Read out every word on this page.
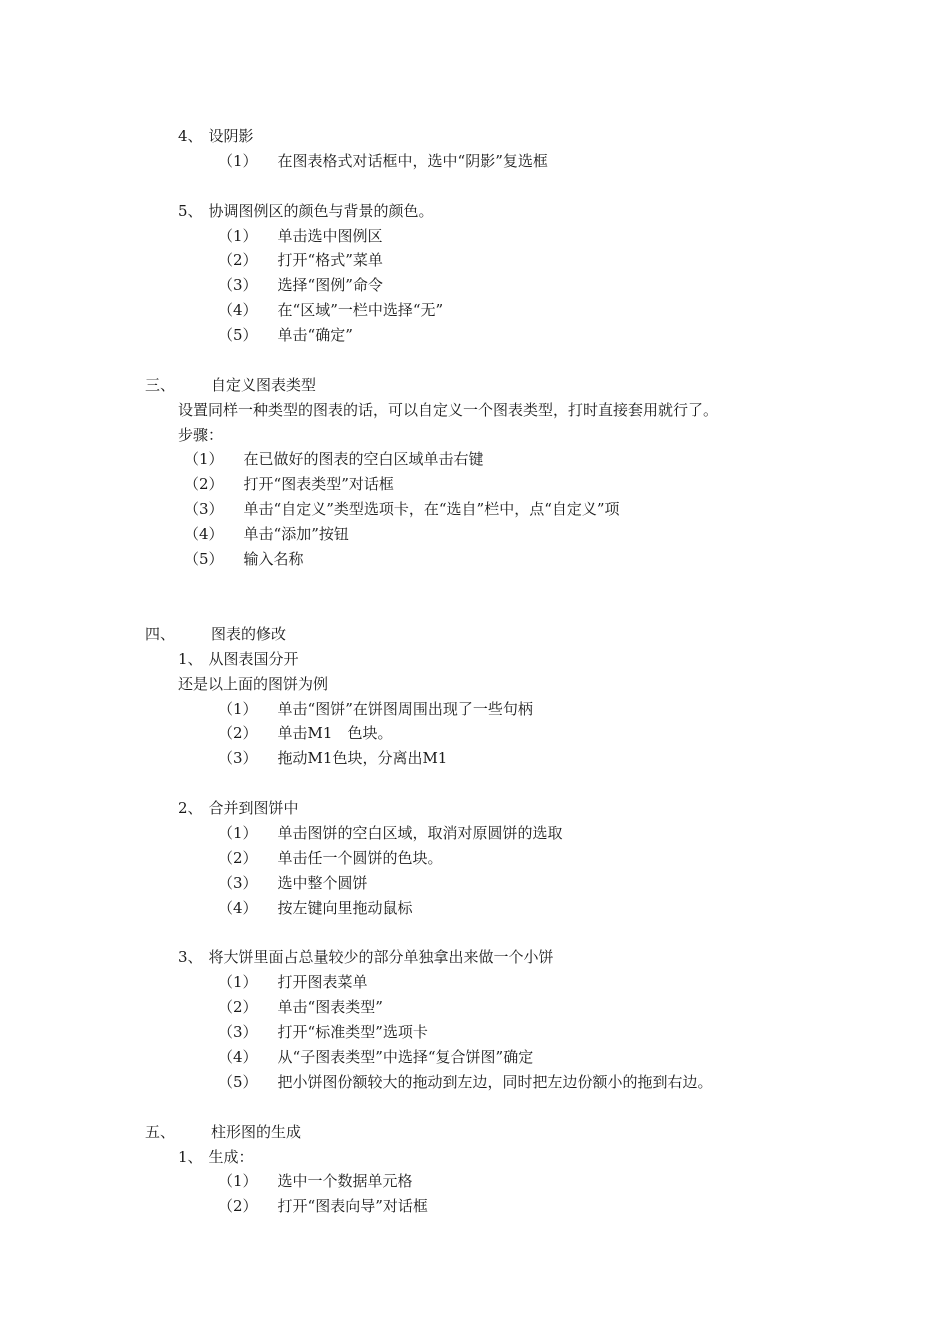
4、 设阴影
（1） 在图表格式对话框中，选中“阴影”复选框
5、 协调图例区的颜色与背景的颜色。
（1） 单击选中图例区
（2） 打开“格式”菜单
（3） 选择“图例”命令
（4） 在“区域”一栏中选择“无”
（5） 单击“确定”
三、 自定义图表类型
设置同样一种类型的图表的话，可以自定义一个图表类型，打时直接套用就行了。
步骤：
（1） 在已做好的图表的空白区域单击右键
（2） 打开“图表类型”对话框
（3） 单击“自定义”类型选项卡，在“选自”栏中，点“自定义”项
（4） 单击“添加”按钮
（5） 输入名称
四、 图表的修改
1、 从图表国分开
还是以上面的图饼为例
（1） 单击“图饼”在饼图周围出现了一些句柄
（2） 单击M1　色块。
（3） 拖动M1色块，分离出M1
2、 合并到图饼中
（1） 单击图饼的空白区域，取消对原圆饼的选取
（2） 单击任一个圆饼的色块。
（3） 选中整个圆饼
（4） 按左键向里拖动鼠标
3、 将大饼里面占总量较少的部分单独拿出来做一个小饼
（1） 打开图表菜单
（2） 单击“图表类型”
（3） 打开“标准类型”选项卡
（4） 从“子图表类型”中选择“复合饼图”确定
（5） 把小饼图份额较大的拖动到左边，同时把左边份额小的拖到右边。
五、 柱形图的生成
1、 生成：
（1） 选中一个数据单元格
（2） 打开“图表向导”对话框
